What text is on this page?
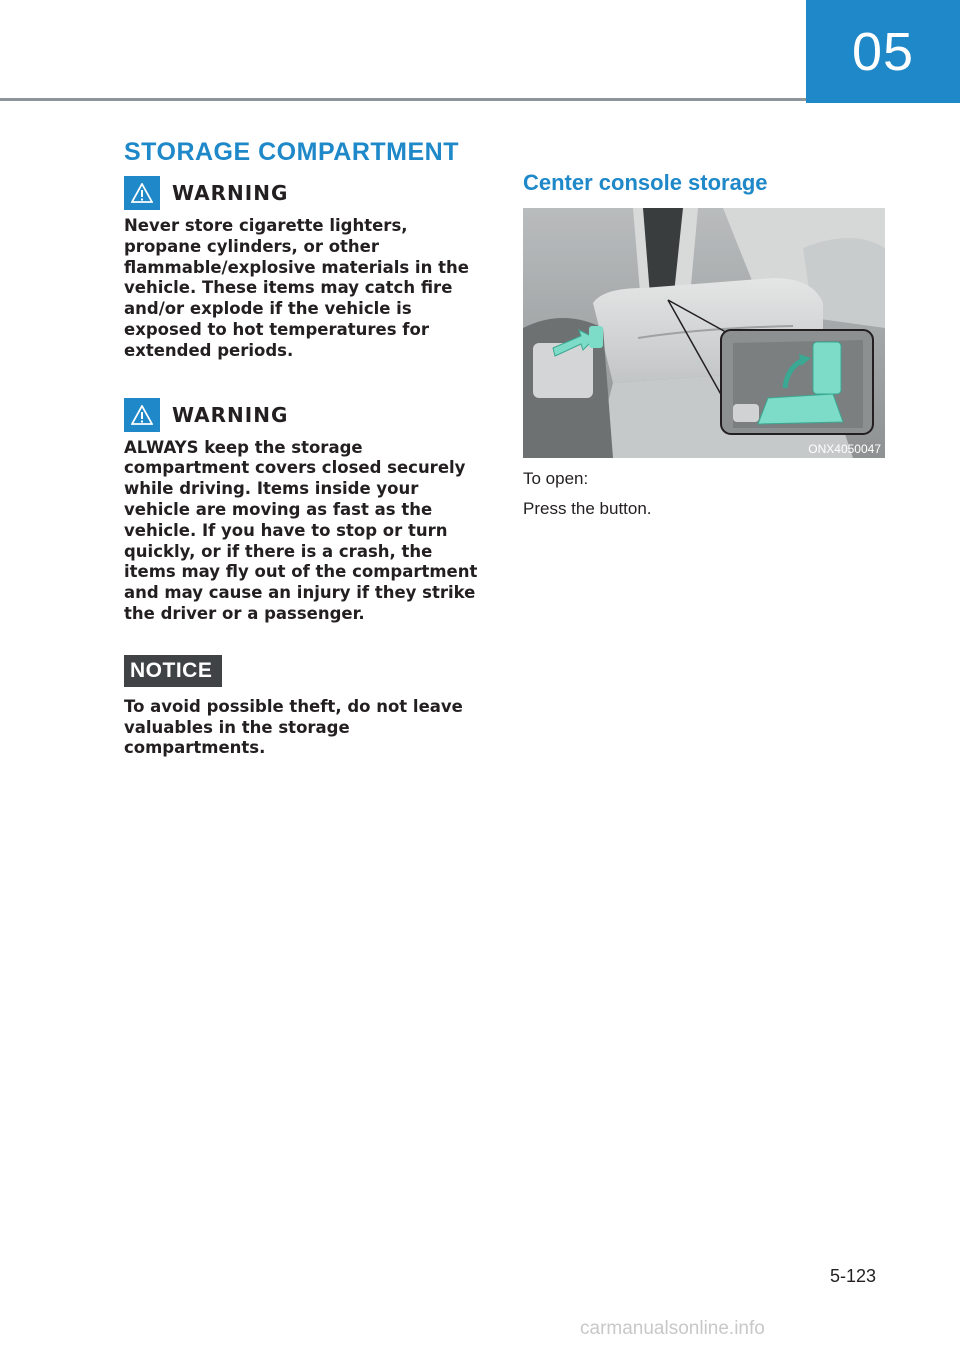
05
STORAGE COMPARTMENT
WARNING

Never store cigarette lighters, propane cylinders, or other flammable/explosive materials in the vehicle. These items may catch fire and/or explode if the vehicle is exposed to hot temperatures for extended periods.

WARNING

ALWAYS keep the storage compartment covers closed securely while driving. Items inside your vehicle are moving as fast as the vehicle. If you have to stop or turn quickly, or if there is a crash, the items may fly out of the compartment and may cause an injury if they strike the driver or a passenger.

NOTICE

To avoid possible theft, do not leave valuables in the storage compartments.

Center console storage
ONX4050047

To open:

Press the button.

5-123
carmanualsonline.info
